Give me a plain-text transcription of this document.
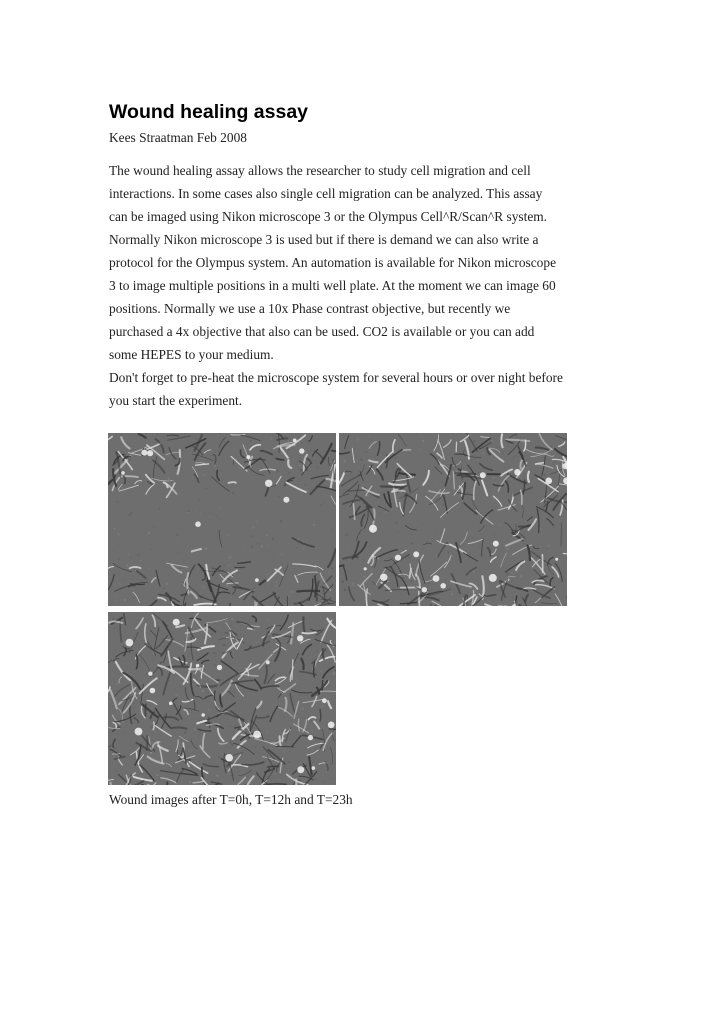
Wound healing assay
Kees Straatman Feb 2008

The wound healing assay allows the researcher to study cell migration and cell
interactions. In some cases also single cell migration can be analyzed. This assay
can be imaged using Nikon microscope 3 or the Olympus Cell^R/Scan^R system.
Normally Nikon microscope 3 is used but if there is demand we can also write a
protocol for the Olympus system. An automation is available for Nikon microscope
3 to image multiple positions in a multi well plate. At the moment we can image 60
positions. Normally we use a 10x Phase contrast objective, but recently we
purchased a 4x objective that also can be used. CO2 is available or you can add
some HEPES to your medium.

Don't forget to pre-heat the microscope system for several hours or over night before
you start the experiment.

Wound images after T=0h, T=12h and T=23h
